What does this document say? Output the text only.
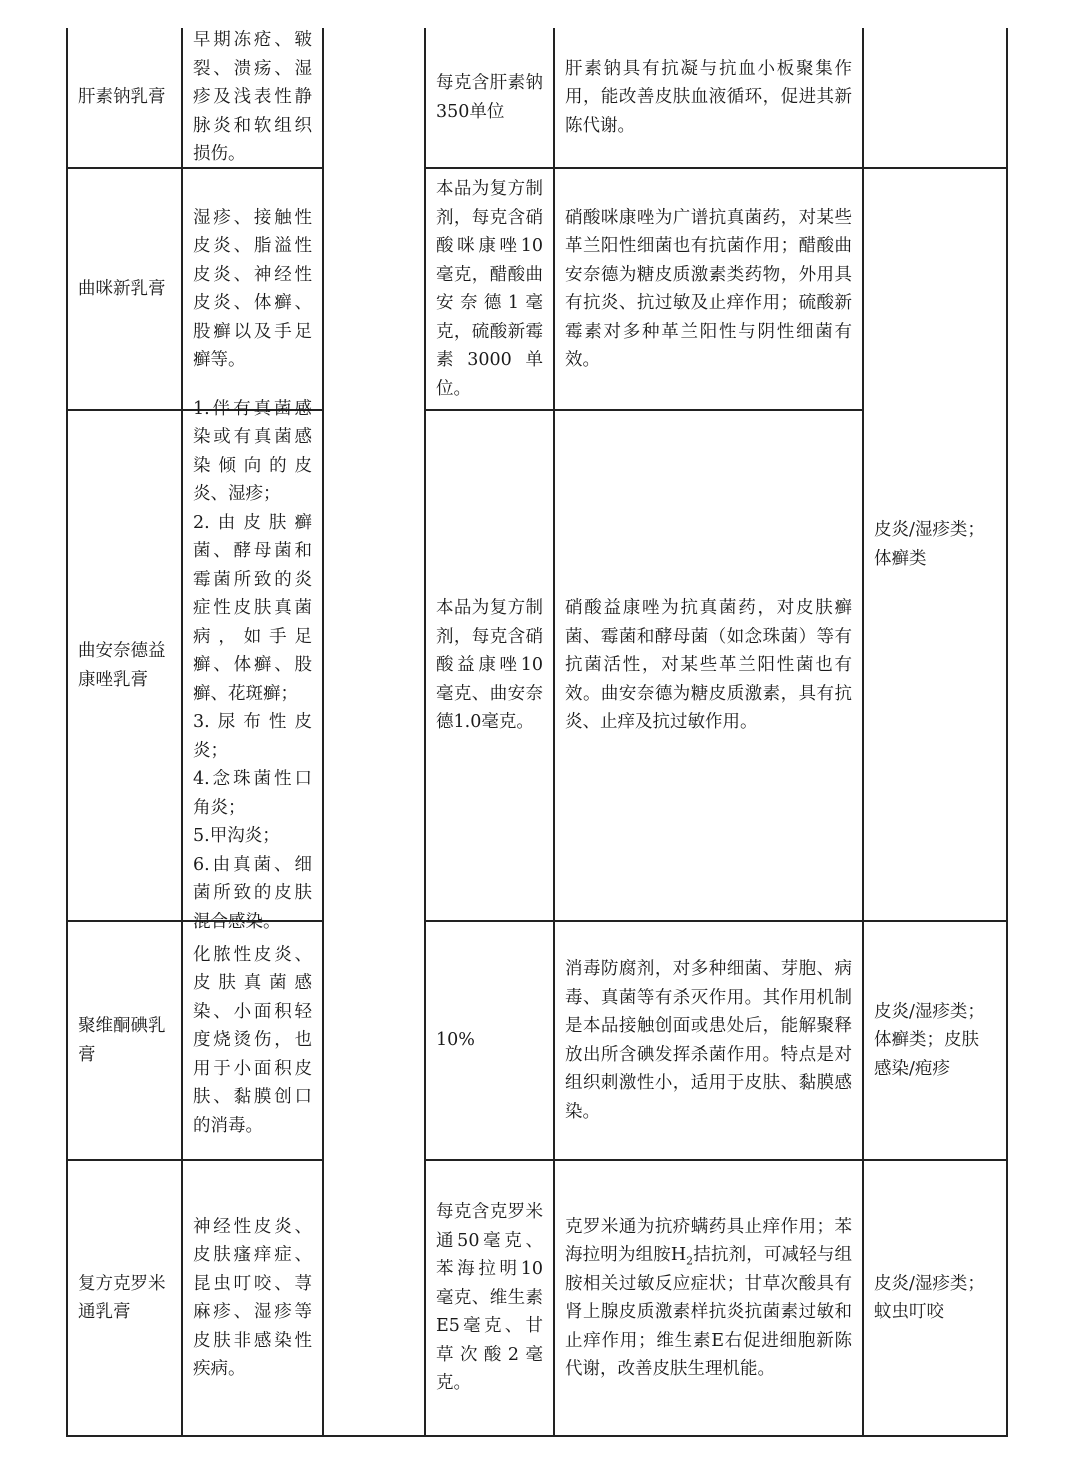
肝素钠乳膏
早期冻疮、皲裂、溃疡、湿疹及浅表性静脉炎和软组织损伤。
每克含肝素钠350单位
肝素钠具有抗凝与抗血小板聚集作用，能改善皮肤血液循环，促进其新陈代谢。
曲咪新乳膏
湿疹、接触性皮炎、脂溢性皮炎、神经性皮炎、体癣、股癣以及手足癣等。
本品为复方制剂，每克含硝酸咪康唑10毫克，醋酸曲安奈德1毫克，硫酸新霉素3000单位。
硝酸咪康唑为广谱抗真菌药，对某些革兰阳性细菌也有抗菌作用；醋酸曲安奈德为糖皮质激素类药物，外用具有抗炎、抗过敏及止痒作用；硫酸新霉素对多种革兰阳性与阴性细菌有效。
曲安奈德益康唑乳膏
1.伴有真菌感染或有真菌感染倾向的皮炎、湿疹；
2.由皮肤癣菌、酵母菌和霉菌所致的炎症性皮肤真菌病，如手足癣、体癣、股癣、花斑癣；
3.尿布性皮炎；
4.念珠菌性口角炎；
5.甲沟炎；
6.由真菌、细菌所致的皮肤混合感染。
本品为复方制剂，每克含硝酸益康唑10毫克、曲安奈德1.0毫克。
硝酸益康唑为抗真菌药，对皮肤癣菌、霉菌和酵母菌（如念珠菌）等有抗菌活性，对某些革兰阳性菌也有效。曲安奈德为糖皮质激素，具有抗炎、止痒及抗过敏作用。
皮炎/湿疹类；体癣类
聚维酮碘乳膏
化脓性皮炎、皮肤真菌感染、小面积轻度烧烫伤，也用于小面积皮肤、黏膜创口的消毒。
10%
消毒防腐剂，对多种细菌、芽胞、病毒、真菌等有杀灭作用。其作用机制是本品接触创面或患处后，能解聚释放出所含碘发挥杀菌作用。特点是对组织刺激性小，适用于皮肤、黏膜感染。
皮炎/湿疹类；体癣类；皮肤感染/疱疹
复方克罗米通乳膏
神经性皮炎、皮肤瘙痒症、昆虫叮咬、荨麻疹、湿疹等皮肤非感染性疾病。
每克含克罗米通50毫克、苯海拉明10毫克、维生素E5毫克、甘草次酸2毫克。
克罗米通为抗疥螨药具止痒作用；苯海拉明为组胺$H_2$拮抗剂，可减轻与组胺相关过敏反应症状；甘草次酸具有肾上腺皮质激素样抗炎抗菌素过敏和止痒作用；维生素E右促进细胞新陈代谢，改善皮肤生理机能。
皮炎/湿疹类；蚊虫叮咬
